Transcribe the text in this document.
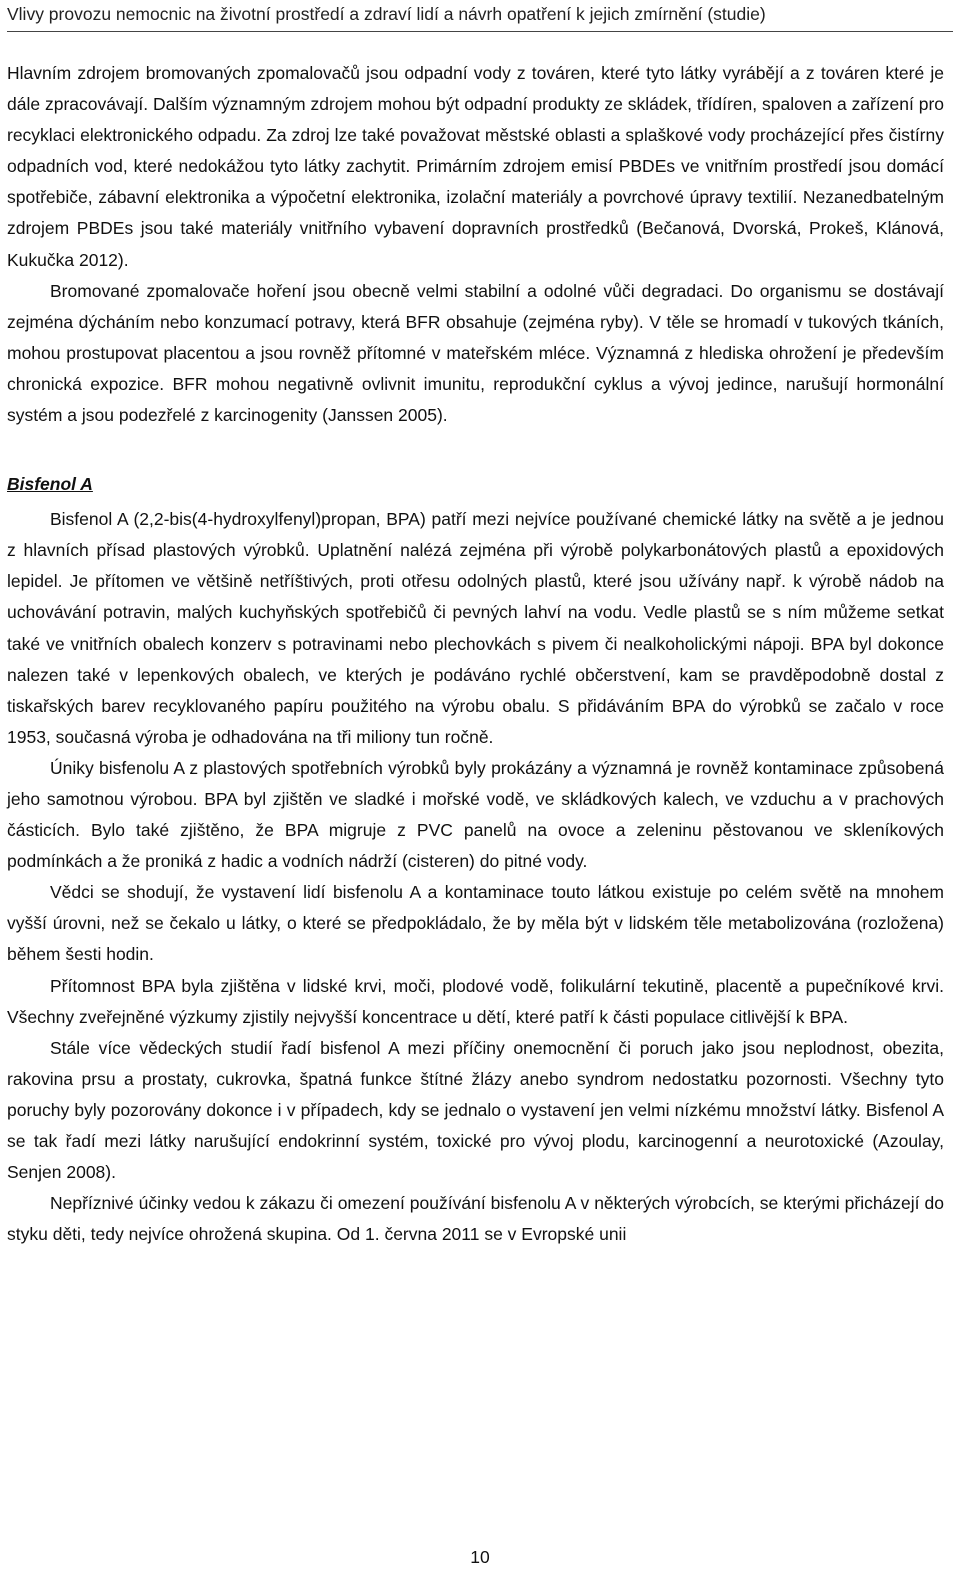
Vlivy provozu nemocnic na životní prostředí a zdraví lidí a návrh opatření k jejich zmírnění (studie)

Hlavním zdrojem bromovaných zpomalovačů jsou odpadní vody z továren, které tyto látky vyrábějí a z továren které je dále zpracovávají. Dalším významným zdrojem mohou být odpadní produkty ze skládek, třídíren, spaloven a zařízení pro recyklaci elektronického odpadu. Za zdroj lze také považovat městské oblasti a splaškové vody procházející přes čistírny odpadních vod, které nedokážou tyto látky zachytit. Primárním zdrojem emisí PBDEs ve vnitřním prostředí jsou domácí spotřebiče, zábavní elektronika a výpočetní elektronika, izolační materiály a povrchové úpravy textilií. Nezanedbatelným zdrojem PBDEs jsou také materiály vnitřního vybavení dopravních prostředků (Bečanová, Dvorská, Prokeš, Klánová, Kukučka 2012).

Bromované zpomalovače hoření jsou obecně velmi stabilní a odolné vůči degradaci. Do organismu se dostávají zejména dýcháním nebo konzumací potravy, která BFR obsahuje (zejména ryby). V těle se hromadí v tukových tkáních, mohou prostupovat placentou a jsou rovněž přítomné v mateřském mléce. Významná z hlediska ohrožení je především chronická expozice. BFR mohou negativně ovlivnit imunitu, reprodukční cyklus a vývoj jedince, narušují hormonální systém a jsou podezřelé z karcinogenity (Janssen 2005).

Bisfenol A

Bisfenol A (2,2-bis(4-hydroxylfenyl)propan, BPA) patří mezi nejvíce používané chemické látky na světě a je jednou z hlavních přísad plastových výrobků. Uplatnění nalézá zejména při výrobě polykarbonátových plastů a epoxidových lepidel. Je přítomen ve většině netříštivých, proti otřesu odolných plastů, které jsou užívány např. k výrobě nádob na uchovávání potravin, malých kuchyňských spotřebičů či pevných lahví na vodu. Vedle plastů se s ním můžeme setkat také ve vnitřních obalech konzerv s potravinami nebo plechovkách s pivem či nealkoholickými nápoji. BPA byl dokonce nalezen také v lepenkových obalech, ve kterých je podáváno rychlé občerstvení, kam se pravděpodobně dostal z tiskařských barev recyklovaného papíru použitého na výrobu obalu. S přidáváním BPA do výrobků se začalo v roce 1953, současná výroba je odhadována na tři miliony tun ročně.

Úniky bisfenolu A z plastových spotřebních výrobků byly prokázány a významná je rovněž kontaminace způsobená jeho samotnou výrobou. BPA byl zjištěn ve sladké i mořské vodě, ve skládkových kalech, ve vzduchu a v prachových částicích. Bylo také zjištěno, že BPA migruje z PVC panelů na ovoce a zeleninu pěstovanou ve skleníkových podmínkách a že proniká z hadic a vodních nádrží (cisteren) do pitné vody.

Vědci se shodují, že vystavení lidí bisfenolu A a kontaminace touto látkou existuje po celém světě na mnohem vyšší úrovni, než se čekalo u látky, o které se předpokládalo, že by měla být v lidském těle metabolizována (rozložena) během šesti hodin.

Přítomnost BPA byla zjištěna v lidské krvi, moči, plodové vodě, folikulární tekutině, placentě a pupečníkové krvi. Všechny zveřejněné výzkumy zjistily nejvyšší koncentrace u dětí, které patří k části populace citlivější k BPA.

Stále více vědeckých studií řadí bisfenol A mezi příčiny onemocnění či poruch jako jsou neplodnost, obezita, rakovina prsu a prostaty, cukrovka, špatná funkce štítné žlázy anebo syndrom nedostatku pozornosti. Všechny tyto poruchy byly pozorovány dokonce i v případech, kdy se jednalo o vystavení jen velmi nízkému množství látky. Bisfenol A se tak řadí mezi látky narušující endokrinní systém, toxické pro vývoj plodu, karcinogenní a neurotoxické (Azoulay, Senjen 2008).

Nepříznivé účinky vedou k zákazu či omezení používání bisfenolu A v některých výrobcích, se kterými přicházejí do styku děti, tedy nejvíce ohrožená skupina. Od 1. června 2011 se v Evropské unii

10
